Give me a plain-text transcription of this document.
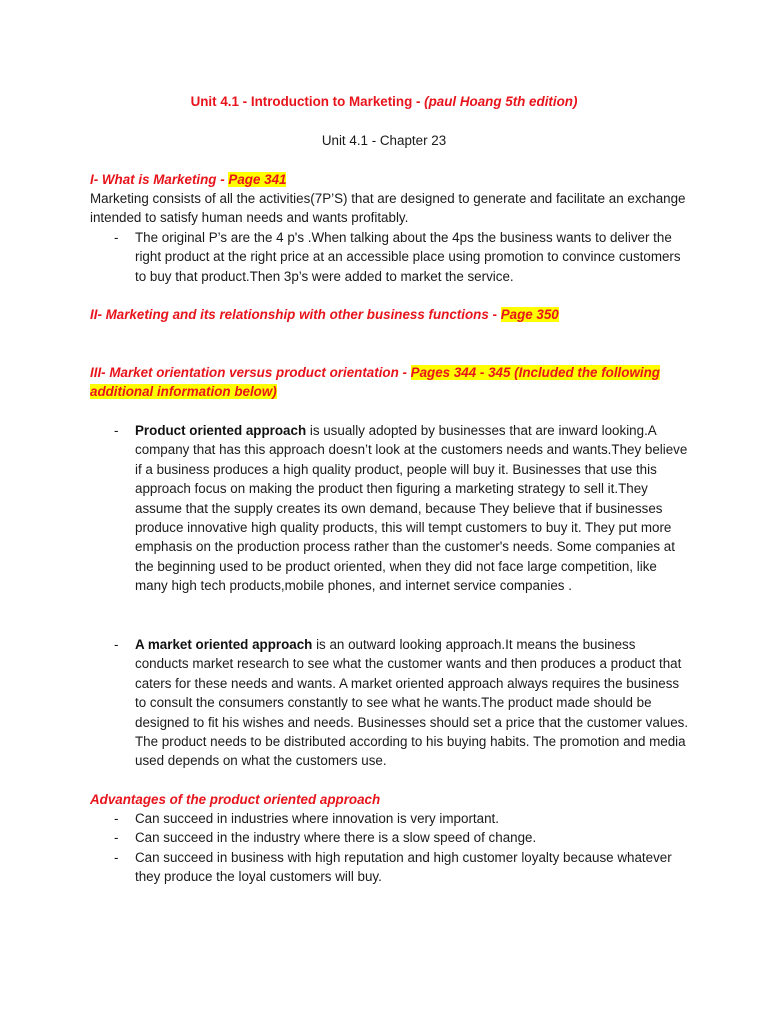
Unit 4.1 - Introduction to Marketing - (paul Hoang 5th edition)
Unit 4.1 - Chapter 23
I- What is Marketing - Page 341
Marketing consists of all the activities(7P’S) that are designed to generate and facilitate an exchange intended to satisfy human needs and wants profitably.
- The original P’s are the 4 p's .When talking about the 4ps the business wants to deliver the right product at the right price at an accessible place using promotion to convince customers to buy that product.Then 3p’s were added to market the service.
II- Marketing and its relationship with other business functions - Page 350
III- Market orientation versus product orientation - Pages 344 - 345 (Included the following additional information below)
- Product oriented approach is usually adopted by businesses that are inward looking.A company that has this approach doesn’t look at the customers needs and wants.They believe if a business produces a high quality product, people will buy it. Businesses that use this approach focus on making the product then figuring a marketing strategy to sell it.They assume that the supply creates its own demand, because They believe that if businesses produce innovative high quality products, this will tempt customers to buy it. They put more emphasis on the production process rather than the customer's needs. Some companies at the beginning used to be product oriented, when they did not face large competition, like many high tech products,mobile phones, and internet service companies .
- A market oriented approach is an outward looking approach.It means the business conducts market research to see what the customer wants and then produces a product that caters for these needs and wants. A market oriented approach always requires the business to consult the consumers constantly to see what he wants.The product made should be designed to fit his wishes and needs. Businesses should set a price that the customer values. The product needs to be distributed according to his buying habits. The promotion and media used depends on what the customers use.
Advantages of the product oriented approach
- Can succeed in industries where innovation is very important.
- Can succeed in the industry where there is a slow speed of change.
- Can succeed in business with high reputation and high customer loyalty because whatever they produce the loyal customers will buy.
